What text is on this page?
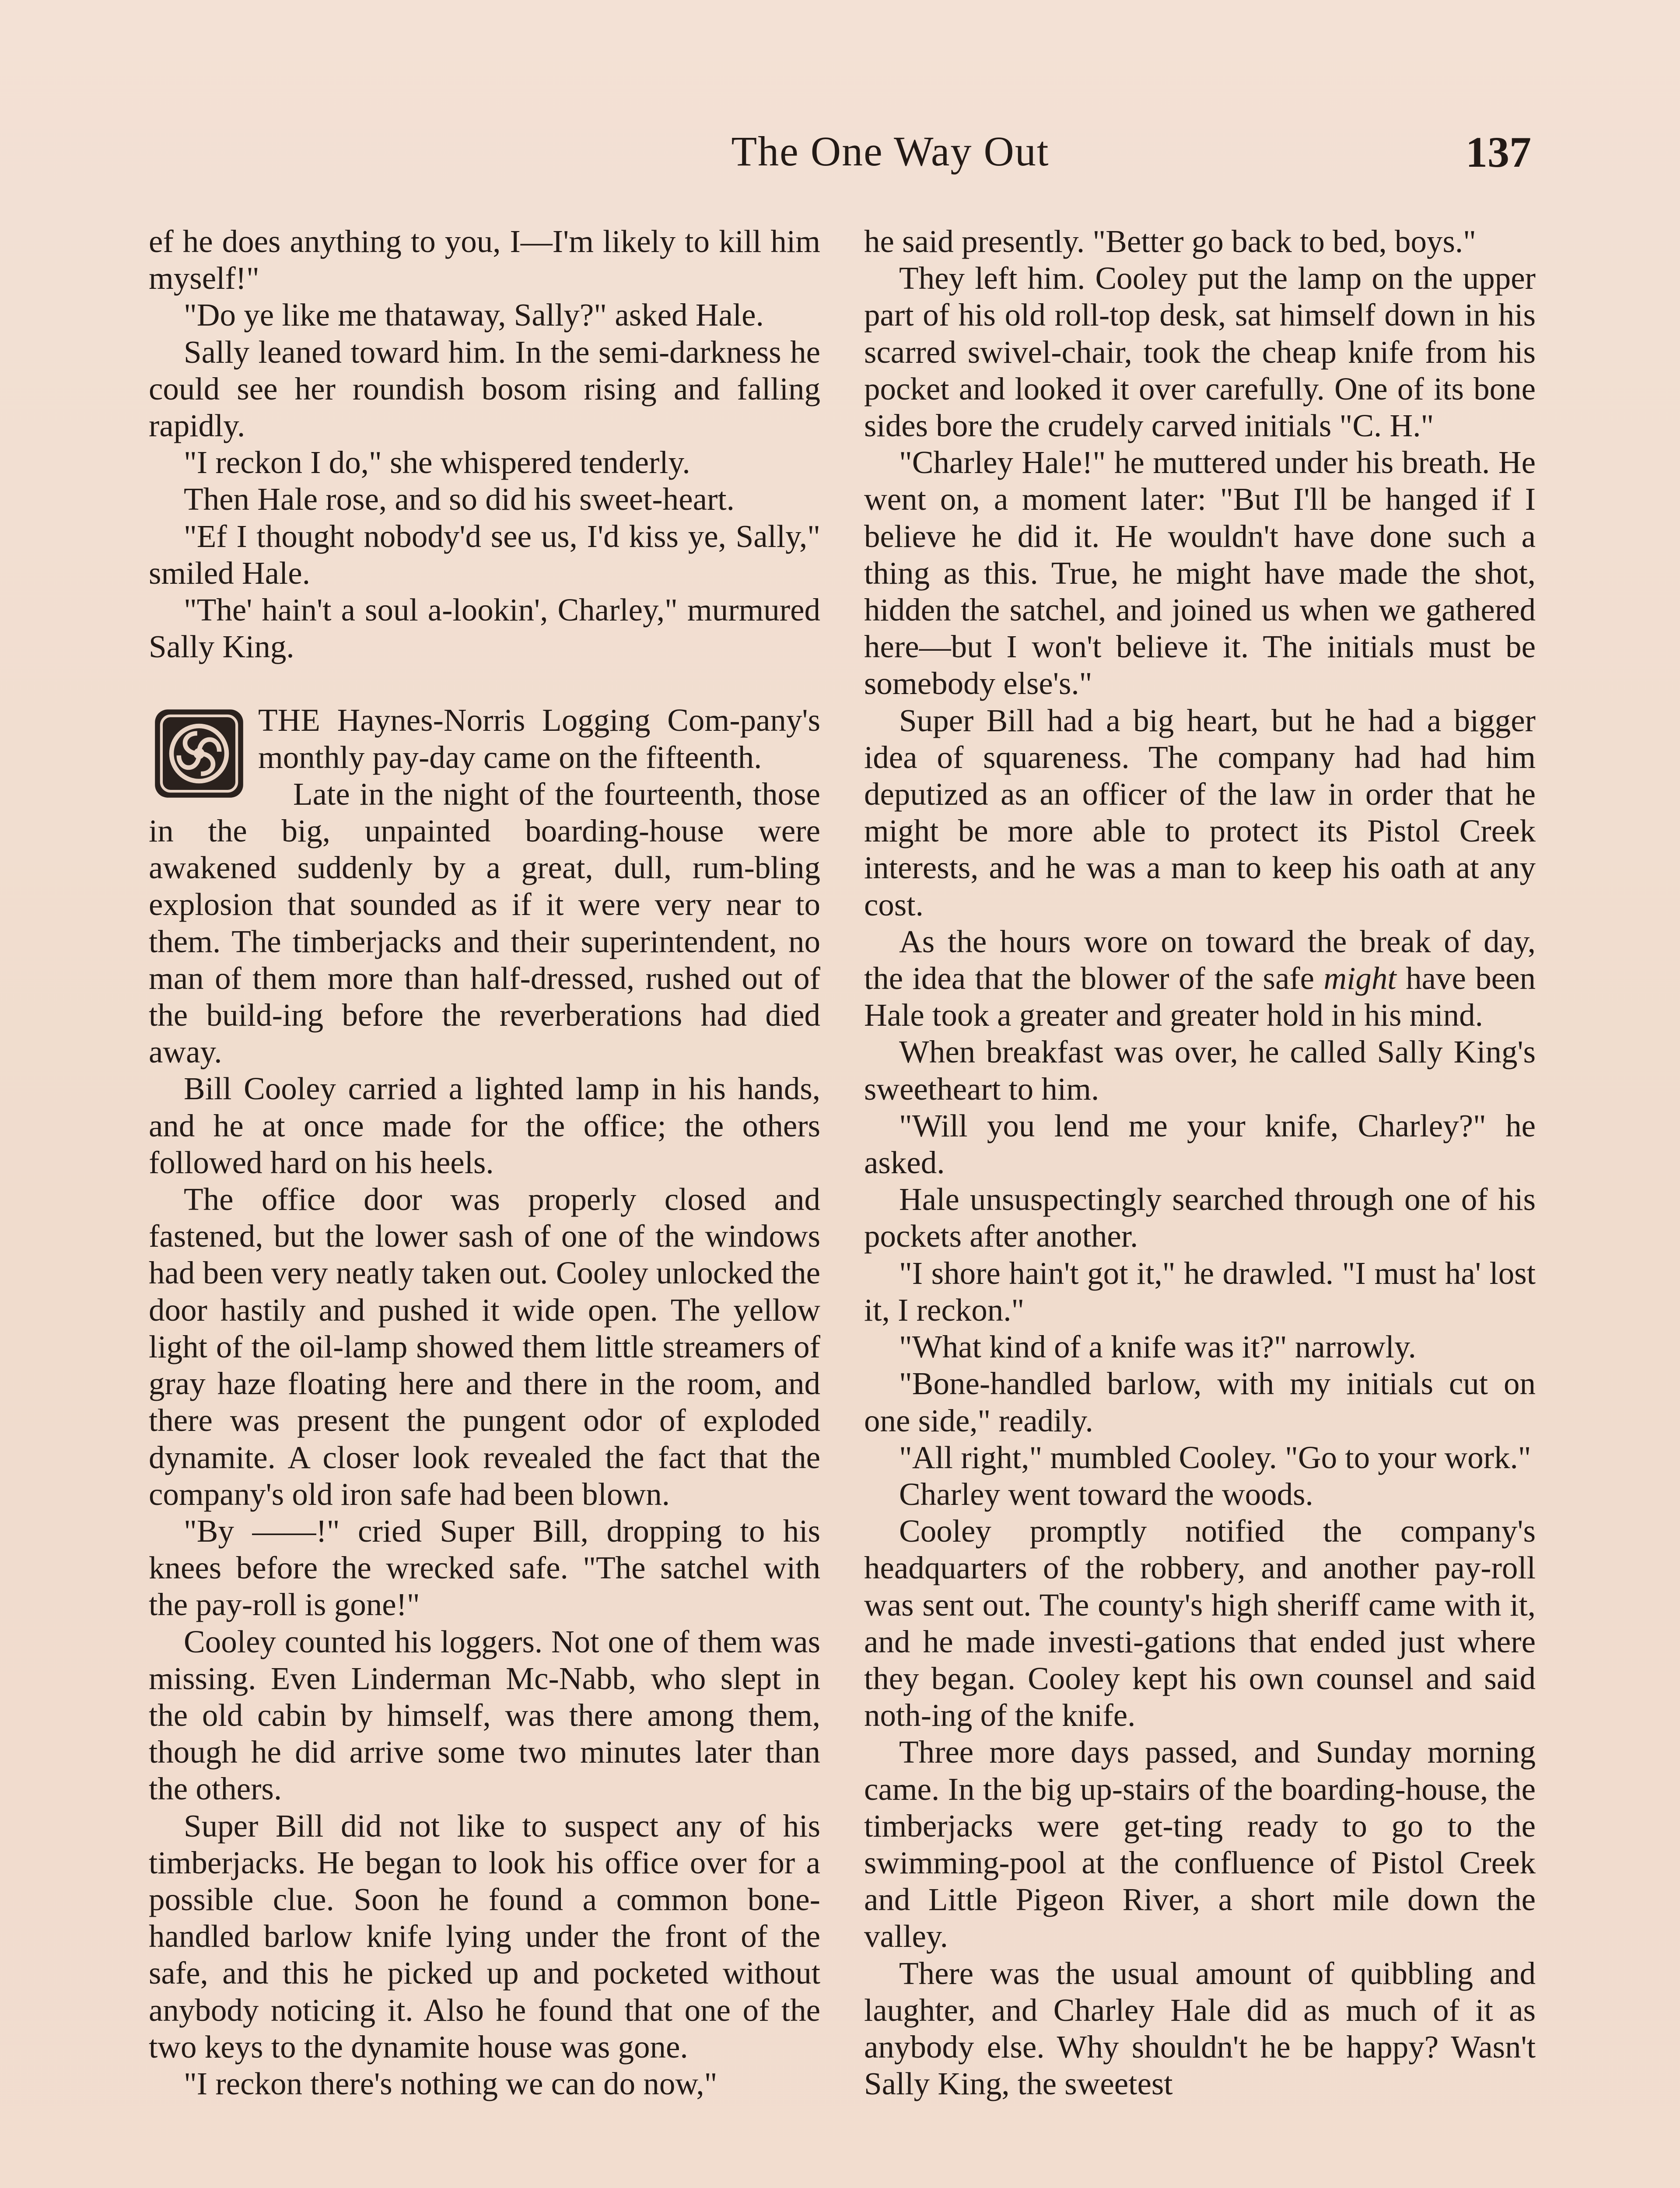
The One Way Out	137

ef he does anything to you, I—I'm likely to kill him myself!"

"Do ye like me thataway, Sally?" asked Hale.

Sally leaned toward him. In the semi-darkness he could see her roundish bosom rising and falling rapidly.

"I reckon I do," she whispered tenderly.

Then Hale rose, and so did his sweet-heart.

"Ef I thought nobody'd see us, I'd kiss ye, Sally," smiled Hale.

"The' hain't a soul a-lookin', Charley," murmured Sally King.

THE Haynes-Norris Logging Com-pany's monthly pay-day came on the fifteenth.

Late in the night of the fourteenth, those in the big, unpainted boarding-house were awakened suddenly by a great, dull, rum-bling explosion that sounded as if it were very near to them. The timberjacks and their superintendent, no man of them more than half-dressed, rushed out of the build-ing before the reverberations had died away.

Bill Cooley carried a lighted lamp in his hands, and he at once made for the office; the others followed hard on his heels.

The office door was properly closed and fastened, but the lower sash of one of the windows had been very neatly taken out. Cooley unlocked the door hastily and pushed it wide open. The yellow light of the oil-lamp showed them little streamers of gray haze floating here and there in the room, and there was present the pungent odor of exploded dynamite. A closer look revealed the fact that the company's old iron safe had been blown.

"By ——!" cried Super Bill, dropping to his knees before the wrecked safe. "The satchel with the pay-roll is gone!"

Cooley counted his loggers. Not one of them was missing. Even Linderman Mc-Nabb, who slept in the old cabin by himself, was there among them, though he did arrive some two minutes later than the others.

Super Bill did not like to suspect any of his timberjacks. He began to look his office over for a possible clue. Soon he found a common bone-handled barlow knife lying under the front of the safe, and this he picked up and pocketed without anybody noticing it. Also he found that one of the two keys to the dynamite house was gone.

"I reckon there's nothing we can do now,"

he said presently. "Better go back to bed, boys."

They left him. Cooley put the lamp on the upper part of his old roll-top desk, sat himself down in his scarred swivel-chair, took the cheap knife from his pocket and looked it over carefully. One of its bone sides bore the crudely carved initials "C. H."

"Charley Hale!" he muttered under his breath. He went on, a moment later: "But I'll be hanged if I believe he did it. He wouldn't have done such a thing as this. True, he might have made the shot, hidden the satchel, and joined us when we gathered here—but I won't believe it. The initials must be somebody else's."

Super Bill had a big heart, but he had a bigger idea of squareness. The company had had him deputized as an officer of the law in order that he might be more able to protect its Pistol Creek interests, and he was a man to keep his oath at any cost.

As the hours wore on toward the break of day, the idea that the blower of the safe might have been Hale took a greater and greater hold in his mind.

When breakfast was over, he called Sally King's sweetheart to him.

"Will you lend me your knife, Charley?" he asked.

Hale unsuspectingly searched through one of his pockets after another.

"I shore hain't got it," he drawled. "I must ha' lost it, I reckon."

"What kind of a knife was it?" narrowly.

"Bone-handled barlow, with my initials cut on one side," readily.

"All right," mumbled Cooley. "Go to your work."

Charley went toward the woods.

Cooley promptly notified the company's headquarters of the robbery, and another pay-roll was sent out. The county's high sheriff came with it, and he made investi-gations that ended just where they began. Cooley kept his own counsel and said noth-ing of the knife.

Three more days passed, and Sunday morning came. In the big up-stairs of the boarding-house, the timberjacks were get-ting ready to go to the swimming-pool at the confluence of Pistol Creek and Little Pigeon River, a short mile down the valley.

There was the usual amount of quibbling and laughter, and Charley Hale did as much of it as anybody else. Why shouldn't he be happy? Wasn't Sally King, the sweetest
